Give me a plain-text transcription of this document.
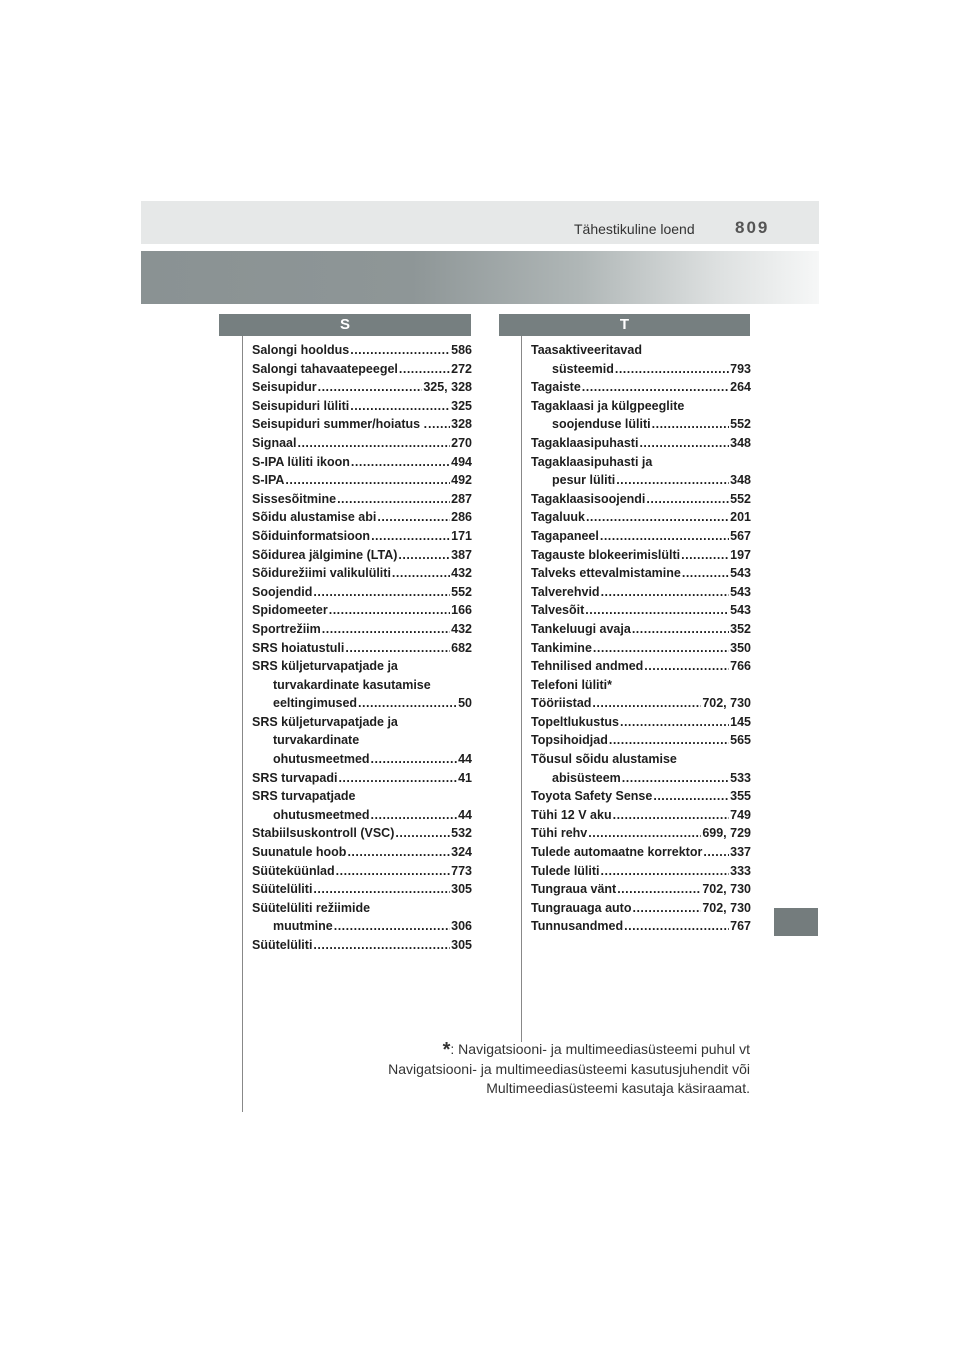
Tähestikuline loend 809
S	T
Salongi hooldus .....	586
Salongi tahavaatepeegel .....	272
Seisupidur .....	325, 328
Seisupiduri lüliti .....	325
Seisupiduri summer/hoiatus . ..... 328
Signaal .....	270
S-IPA lüliti ikoon .....	494
S-IPA .....	492
Sissesõitmine .....	287
Sõidu alustamise abi .....	286
Sõiduinformatsioon .....	171
Sõidurea jälgimine (LTA) .....	387
Sõidurežiimi valikulüliti .....	432
Soojendid .....	552
Spidomeeter .....	166
Sportrežiim .....	432
SRS hoiatustuli .....	682
SRS küljeturvapatjade ja
turvakardinate kasutamise
eeltingimused .....	50
SRS küljeturvapatjade ja
turvakardinate
ohutusmeetmed .....	44
SRS turvapadi .....	41
SRS turvapatjade
ohutusmeetmed .....	44
Stabiilsuskontroll (VSC) .....	532
Suunatule hoob .....	324
Süüteküünlad .....	773
Süütelüliti .....	305
Süütelüliti režiimide
muutmine .....	306
Süütelüliti .....	305
Taasaktiveeritavad
süsteemid .....	793
Tagaiste .....	264
Tagaklaasi ja külgpeeglite
soojenduse lüliti .....	552
Tagaklaasipuhasti .....	348
Tagaklaasipuhasti ja
pesur lüliti .....	348
Tagaklaasisoojendi .....	552
Tagaluuk .....	201
Tagapaneel .....	567
Tagauste blokeerimislülti .....	197
Talveks ettevalmistamine .....	543
Talverehvid .....	543
Talvesõit .....	543
Tankeluugi avaja .....	352
Tankimine .....	350
Tehnilised andmed .....	766
Telefoni lüliti*
Tööriistad .....	702, 730
Topeltlukustus .....	145
Topsihoidjad .....	565
Tõusul sõidu alustamise
abisüsteem .....	533
Toyota Safety Sense .....	355
Tühi 12 V aku .....	749
Tühi rehv .....	699, 729
Tulede automaatne korrektor ..... 337
Tulede lüliti .....	333
Tungraua vänt .....	702, 730
Tungrauaga auto .....	702, 730
Tunnusandmed .....	767
*: Navigatsiooni- ja multimeediasüsteemi puhul vt
Navigatsiooni- ja multimeediasüsteemi kasutusjuhendit või
Multimeediasüsteemi kasutaja käsiraamat.
